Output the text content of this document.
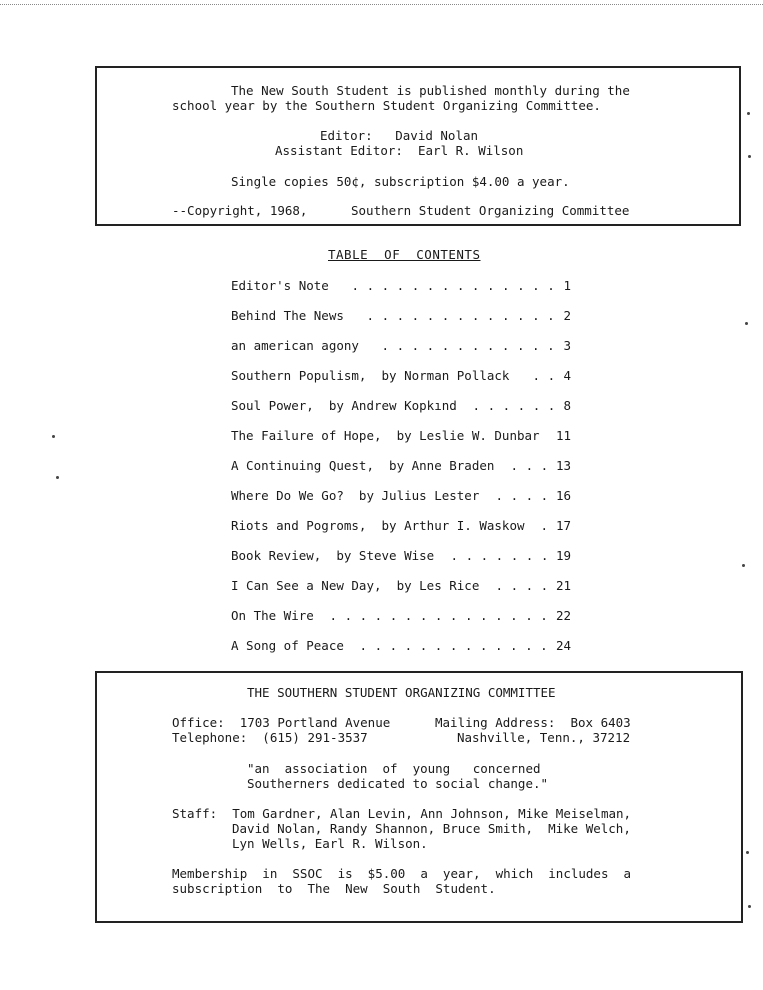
The New South Student is published monthly during the
school year by the Southern Student Organizing Committee.
Editor:   David Nolan
Assistant Editor:  Earl R. Wilson
Single copies 50¢, subscription $4.00 a year.
--Copyright, 1968,	Southern Student Organizing Committee
TABLE  OF  CONTENTS
Editor's Note . . . . . . . . . . . . . . 1
Behind The News . . . . . . . . . . . . . 2
an american agony . . . . . . . . . . . . 3
Southern Populism,  by Norman Pollack . . 4
Soul Power,  by Andrew Kopkınd . . . . . . 8
The Failure of Hope,  by Leslie W. Dunbar 11
A Continuing Quest,  by Anne Braden . . . 13
Where Do We Go?  by Julius Lester . . . . 16
Riots and Pogroms,  by Arthur I. Waskow . 17
Book Review,  by Steve Wise . . . . . . . 19
I Can See a New Day,  by Les Rice . . . . 21
On The Wire . . . . . . . . . . . . . . . 22
A Song of Peace . . . . . . . . . . . . . 24
THE SOUTHERN STUDENT ORGANIZING COMMITTEE
Office:  1703 Portland Avenue
Telephone:  (615) 291-3537
Mailing Address:  Box 6403
Nashville, Tenn., 37212
"an  association  of  young   concerned
Southerners dedicated to social change."
Staff:  Tom Gardner, Alan Levin, Ann Johnson, Mike Meiselman,
David Nolan, Randy Shannon, Bruce Smith,  Mike Welch,
Lyn Wells, Earl R. Wilson.
Membership  in  SSOC  is  $5.00  a  year,  which  includes  a
subscription  to  The  New  South  Student.
